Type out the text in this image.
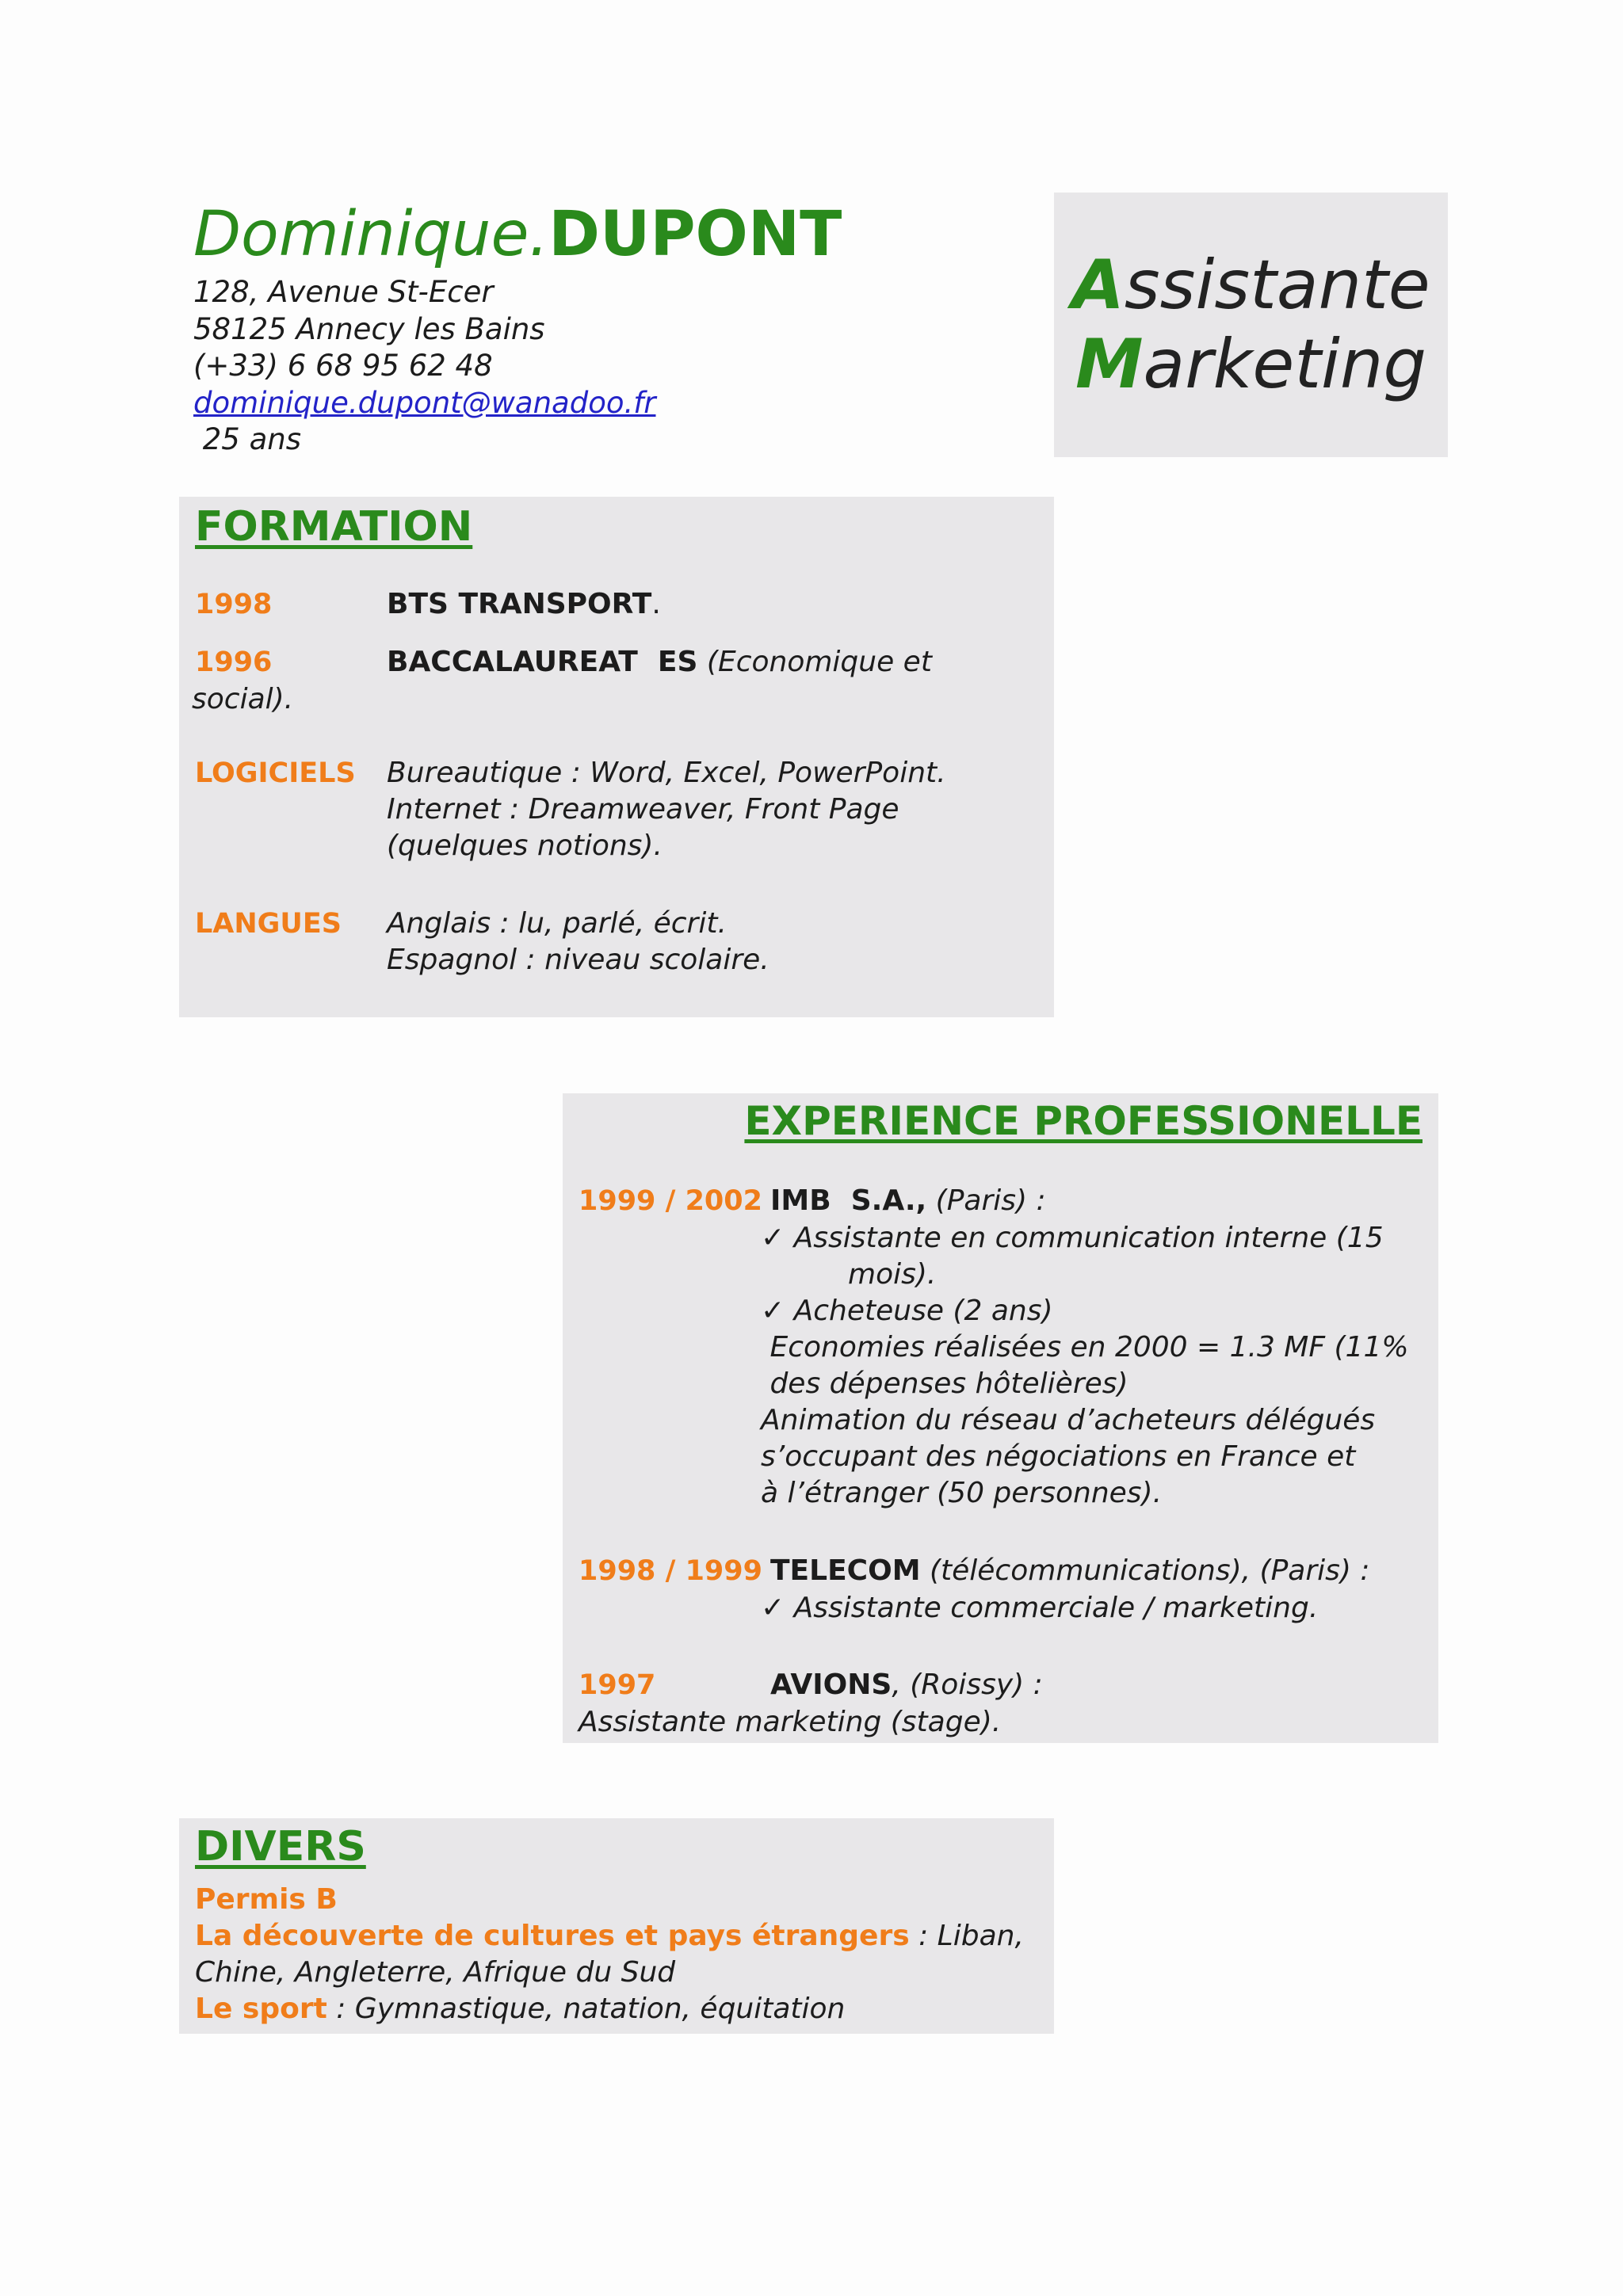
Dominique.DUPONT
128, Avenue St-Ecer
58125 Annecy les Bains
(+33) 6 68 95 62 48
dominique.dupont@wanadoo.fr
25 ans
Assistante
Marketing
FORMATION
1998	BTS TRANSPORT.
1996	BACCALAUREAT  ES (Economique et
social).
LOGICIELS Bureautique : Word, Excel, PowerPoint.
Internet : Dreamweaver, Front Page
(quelques notions).
LANGUES Anglais : lu, parlé, écrit.
Espagnol : niveau scolaire.
EXPERIENCE PROFESSIONELLE
1999 / 2002 IMB  S.A., (Paris) :
✓ Assistante en communication interne (15
mois).
✓ Acheteuse (2 ans)
Economies réalisées en 2000 = 1.3 MF (11%
des dépenses hôtelières)
Animation du réseau d’acheteurs délégués
s’occupant des négociations en France et
à l’étranger (50 personnes).
1998 / 1999 TELECOM (télécommunications), (Paris) :
✓ Assistante commerciale / marketing.
1997	AVIONS, (Roissy) :
Assistante marketing (stage).
DIVERS
Permis B
La découverte de cultures et pays étrangers : Liban,
Chine, Angleterre, Afrique du Sud
Le sport : Gymnastique, natation, équitation
